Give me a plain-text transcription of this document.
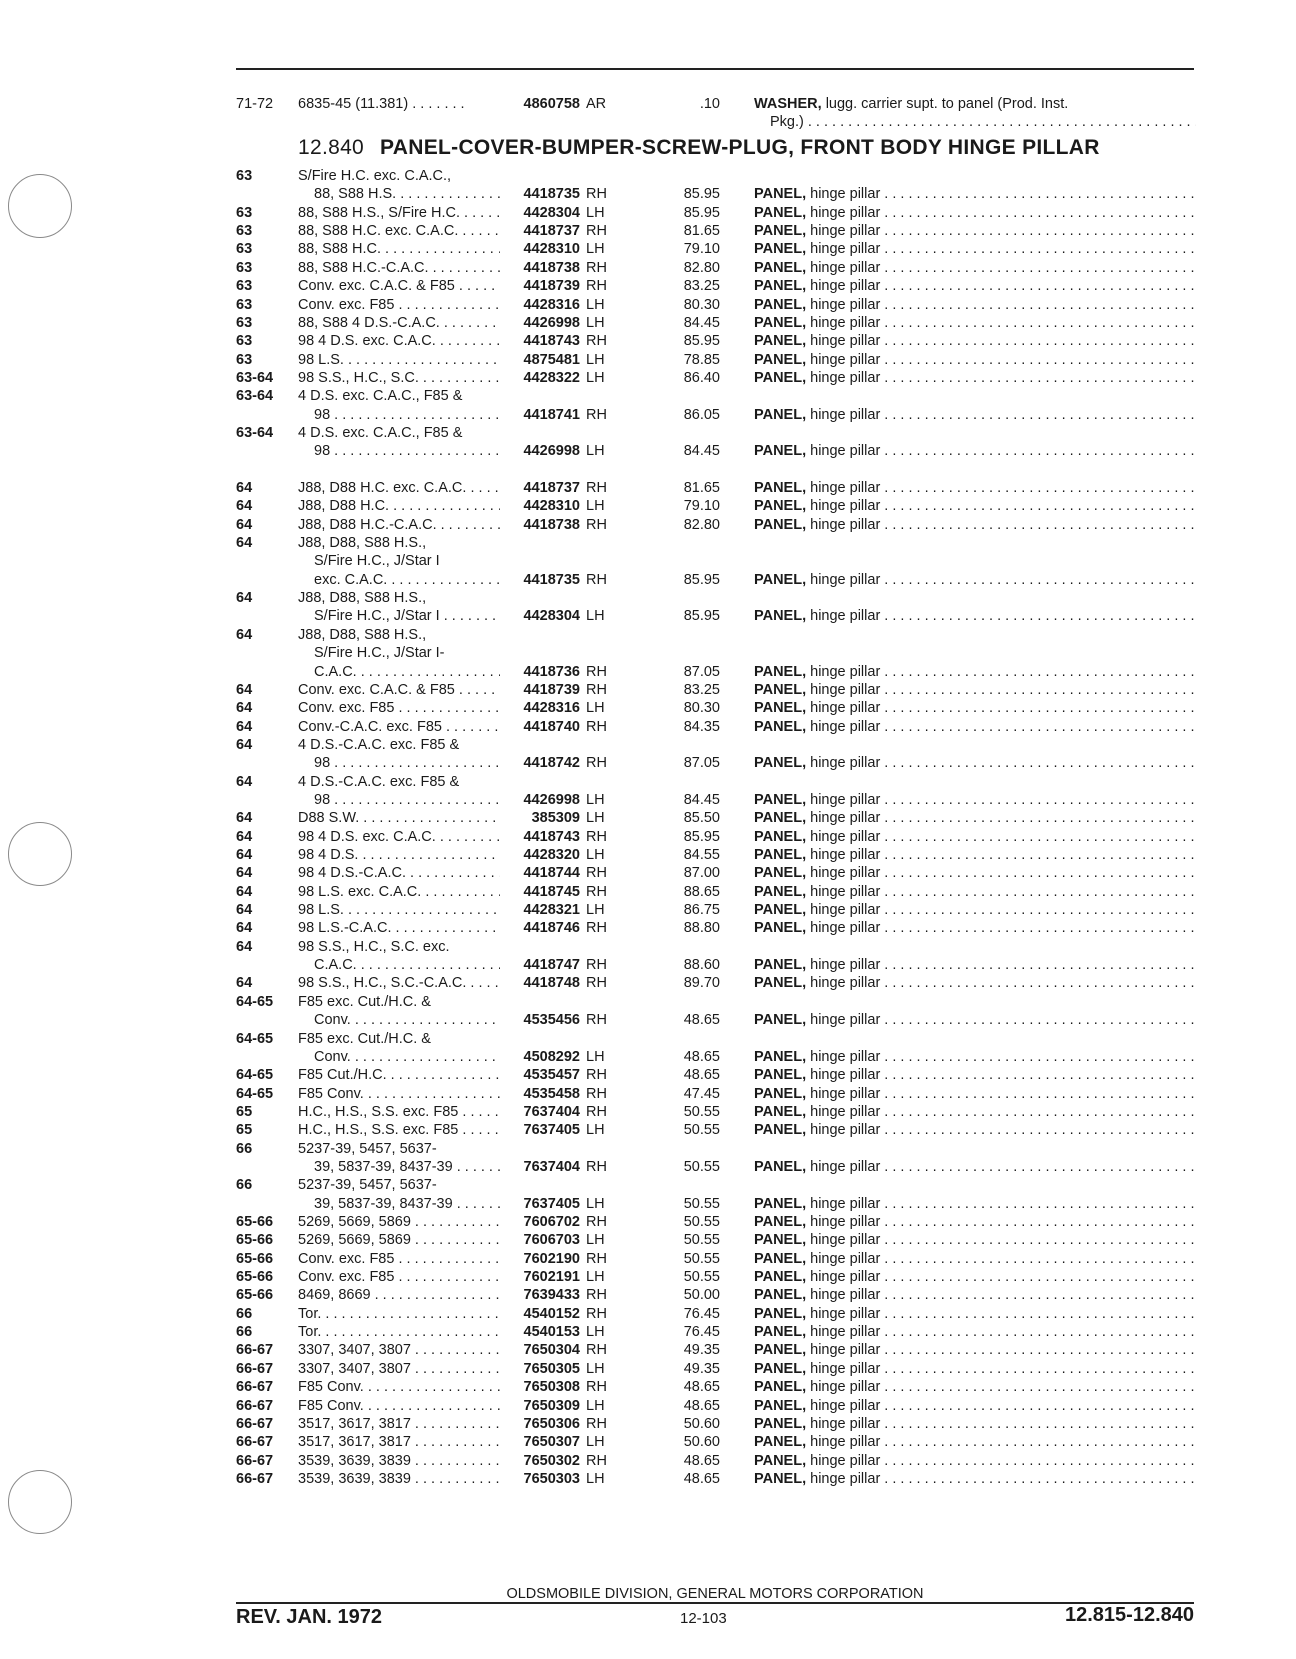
71-72 6835-45 (11.381) . . . . . . .	4860758 AR	.10 WASHER, lugg. carrier supt. to panel (Prod. Inst.
Pkg.) . . .
12.840 PANEL-COVER-BUMPER-SCREW-PLUG, FRONT BODY HINGE PILLAR
63	S/Fire H.C. exc. C.A.C.,
88, S88 H.S. . . .	4418735 RH	85.95 PANEL, hinge pillar . . .
63	88, S88 H.S., S/Fire H.C. . . .	4428304 LH	85.95 PANEL, hinge pillar . . .
63	88, S88 H.C. exc. C.A.C. . . .	4418737 RH	81.65 PANEL, hinge pillar . . .
63	88, S88 H.C. . . .	4428310 LH	79.10 PANEL, hinge pillar . . .
63	88, S88 H.C.-C.A.C. . . .	4418738 RH	82.80 PANEL, hinge pillar . . .
63	Conv. exc. C.A.C. & F85 . . .	4418739 RH	83.25 PANEL, hinge pillar . . .
63	Conv. exc. F85 . . .	4428316 LH	80.30 PANEL, hinge pillar . . .
63	88, S88 4 D.S.-C.A.C. . . .	4426998 LH	84.45 PANEL, hinge pillar . . .
63	98 4 D.S. exc. C.A.C. . . .	4418743 RH	85.95 PANEL, hinge pillar . . .
63	98 L.S. . . .	4875481 LH	78.85 PANEL, hinge pillar . . .
63-64 98 S.S., H.C., S.C. . . .	4428322 LH	86.40 PANEL, hinge pillar . . .
63-64 4 D.S. exc. C.A.C., F85 &
98 . . .	4418741 RH	86.05 PANEL, hinge pillar . . .
63-64 4 D.S. exc. C.A.C., F85 &
98 . . .	4426998 LH	84.45 PANEL, hinge pillar . . .
64	J88, D88 H.C. exc. C.A.C. . . .	4418737 RH	81.65 PANEL, hinge pillar . . .
64	J88, D88 H.C. . . .	4428310 LH	79.10 PANEL, hinge pillar . . .
64	J88, D88 H.C.-C.A.C. . . .	4418738 RH	82.80 PANEL, hinge pillar . . .
64	J88, D88, S88 H.S.,
S/Fire H.C., J/Star I
exc. C.A.C. . . .	4418735 RH	85.95 PANEL, hinge pillar . . .
64	J88, D88, S88 H.S.,
S/Fire H.C., J/Star I . . .	4428304 LH	85.95 PANEL, hinge pillar . . .
64	J88, D88, S88 H.S.,
S/Fire H.C., J/Star I-
C.A.C. . . .	4418736 RH	87.05 PANEL, hinge pillar . . .
64	Conv. exc. C.A.C. & F85 . . .	4418739 RH	83.25 PANEL, hinge pillar . . .
64	Conv. exc. F85 . . .	4428316 LH	80.30 PANEL, hinge pillar . . .
64	Conv.-C.A.C. exc. F85 . . .	4418740 RH	84.35 PANEL, hinge pillar . . .
64	4 D.S.-C.A.C. exc. F85 &
98 . . .	4418742 RH	87.05 PANEL, hinge pillar . . .
64	4 D.S.-C.A.C. exc. F85 &
98 . . .	4426998 LH	84.45 PANEL, hinge pillar . . .
64	D88 S.W. . . .	385309 LH	85.50 PANEL, hinge pillar . . .
64	98 4 D.S. exc. C.A.C. . . .	4418743 RH	85.95 PANEL, hinge pillar . . .
64	98 4 D.S. . . .	4428320 LH	84.55 PANEL, hinge pillar . . .
64	98 4 D.S.-C.A.C. . . .	4418744 RH	87.00 PANEL, hinge pillar . . .
64	98 L.S. exc. C.A.C. . . .	4418745 RH	88.65 PANEL, hinge pillar . . .
64	98 L.S. . . .	4428321 LH	86.75 PANEL, hinge pillar . . .
64	98 L.S.-C.A.C. . . .	4418746 RH	88.80 PANEL, hinge pillar . . .
64	98 S.S., H.C., S.C. exc.
C.A.C. . . .	4418747 RH	88.60 PANEL, hinge pillar . . .
64	98 S.S., H.C., S.C.-C.A.C. . . .	4418748 RH	89.70 PANEL, hinge pillar . . .
64-65 F85 exc. Cut./H.C. &
Conv. . . .	4535456 RH	48.65 PANEL, hinge pillar . . .
64-65 F85 exc. Cut./H.C. &
Conv. . . .	4508292 LH	48.65 PANEL, hinge pillar . . .
64-65 F85 Cut./H.C. . . .	4535457 RH	48.65 PANEL, hinge pillar . . .
64-65 F85 Conv. . . .	4535458 RH	47.45 PANEL, hinge pillar . . .
65	H.C., H.S., S.S. exc. F85 . . .	7637404 RH	50.55 PANEL, hinge pillar . . .
65	H.C., H.S., S.S. exc. F85 . . .	7637405 LH	50.55 PANEL, hinge pillar . . .
66	5237-39, 5457, 5637-
39, 5837-39, 8437-39 . . .	7637404 RH	50.55 PANEL, hinge pillar . . .
66	5237-39, 5457, 5637-
39, 5837-39, 8437-39 . . .	7637405 LH	50.55 PANEL, hinge pillar . . .
65-66 5269, 5669, 5869 . . .	7606702 RH	50.55 PANEL, hinge pillar . . .
65-66 5269, 5669, 5869 . . .	7606703 LH	50.55 PANEL, hinge pillar . . .
65-66 Conv. exc. F85 . . .	7602190 RH	50.55 PANEL, hinge pillar . . .
65-66 Conv. exc. F85 . . .	7602191 LH	50.55 PANEL, hinge pillar . . .
65-66 8469, 8669 . . .	7639433 RH	50.00 PANEL, hinge pillar . . .
66	Tor. . . .	4540152 RH	76.45 PANEL, hinge pillar . . .
66	Tor. . . .	4540153 LH	76.45 PANEL, hinge pillar . . .
66-67 3307, 3407, 3807 . . .	7650304 RH	49.35 PANEL, hinge pillar . . .
66-67 3307, 3407, 3807 . . .	7650305 LH	49.35 PANEL, hinge pillar . . .
66-67 F85 Conv. . . .	7650308 RH	48.65 PANEL, hinge pillar . . .
66-67 F85 Conv. . . .	7650309 LH	48.65 PANEL, hinge pillar . . .
66-67 3517, 3617, 3817 . . .	7650306 RH	50.60 PANEL, hinge pillar . . .
66-67 3517, 3617, 3817 . . .	7650307 LH	50.60 PANEL, hinge pillar . . .
66-67 3539, 3639, 3839 . . .	7650302 RH	48.65 PANEL, hinge pillar . . .
66-67 3539, 3639, 3839 . . .	7650303 LH	48.65 PANEL, hinge pillar . . .
OLDSMOBILE DIVISION, GENERAL MOTORS CORPORATION
REV. JAN. 1972	12-103	12.815-12.840
